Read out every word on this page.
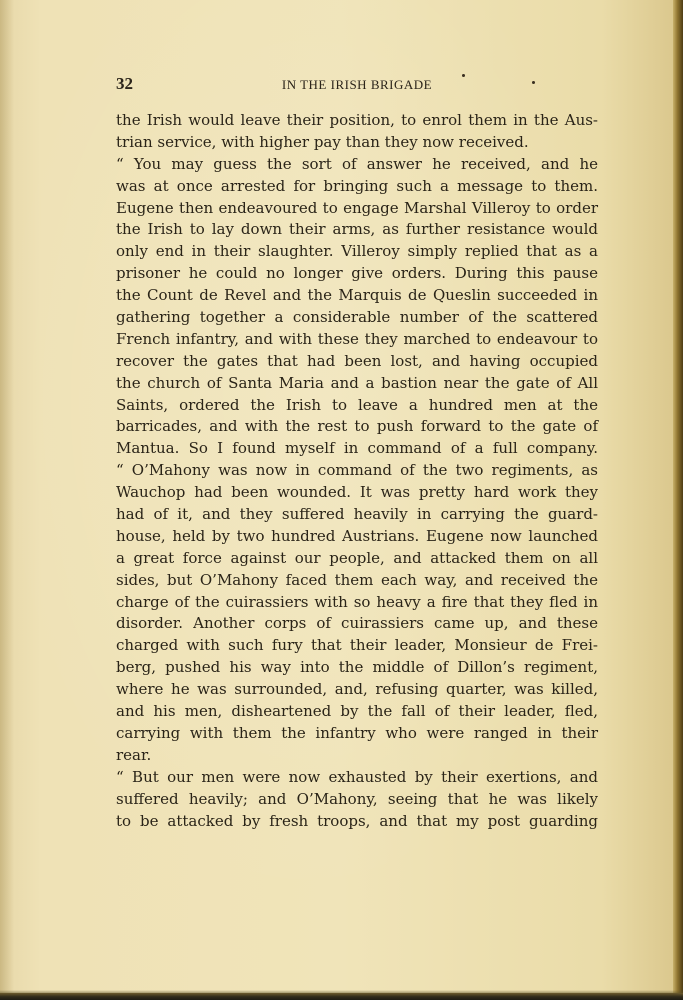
32	IN THE IRISH BRIGADE
the Irish would leave their position, to enrol them in the Aus-
trian service, with higher pay than they now received.
“ You may guess the sort of answer he received, and he
was at once arrested for bringing such a message to them.
Eugene then endeavoured to engage Marshal Villeroy to order
the Irish to lay down their arms, as further resistance would
only end in their slaughter. Villeroy simply replied that as a
prisoner he could no longer give orders. During this pause
the Count de Revel and the Marquis de Queslin succeeded in
gathering together a considerable number of the scattered
French infantry, and with these they marched to endeavour to
recover the gates that had been lost, and having occupied
the church of Santa Maria and a bastion near the gate of All
Saints, ordered the Irish to leave a hundred men at the
barricades, and with the rest to push forward to the gate of
Mantua. So I found myself in command of a full company.
“ O’Mahony was now in command of the two regiments, as
Wauchop had been wounded. It was pretty hard work they
had of it, and they suffered heavily in carrying the guard-
house, held by two hundred Austrians. Eugene now launched
a great force against our people, and attacked them on all
sides, but O’Mahony faced them each way, and received the
charge of the cuirassiers with so heavy a fire that they fled in
disorder. Another corps of cuirassiers came up, and these
charged with such fury that their leader, Monsieur de Frei-
berg, pushed his way into the middle of Dillon’s regiment,
where he was surrounded, and, refusing quarter, was killed,
and his men, disheartened by the fall of their leader, fled,
carrying with them the infantry who were ranged in their
rear.
“ But our men were now exhausted by their exertions, and
suffered heavily; and O’Mahony, seeing that he was likely
to be attacked by fresh troops, and that my post guarding
